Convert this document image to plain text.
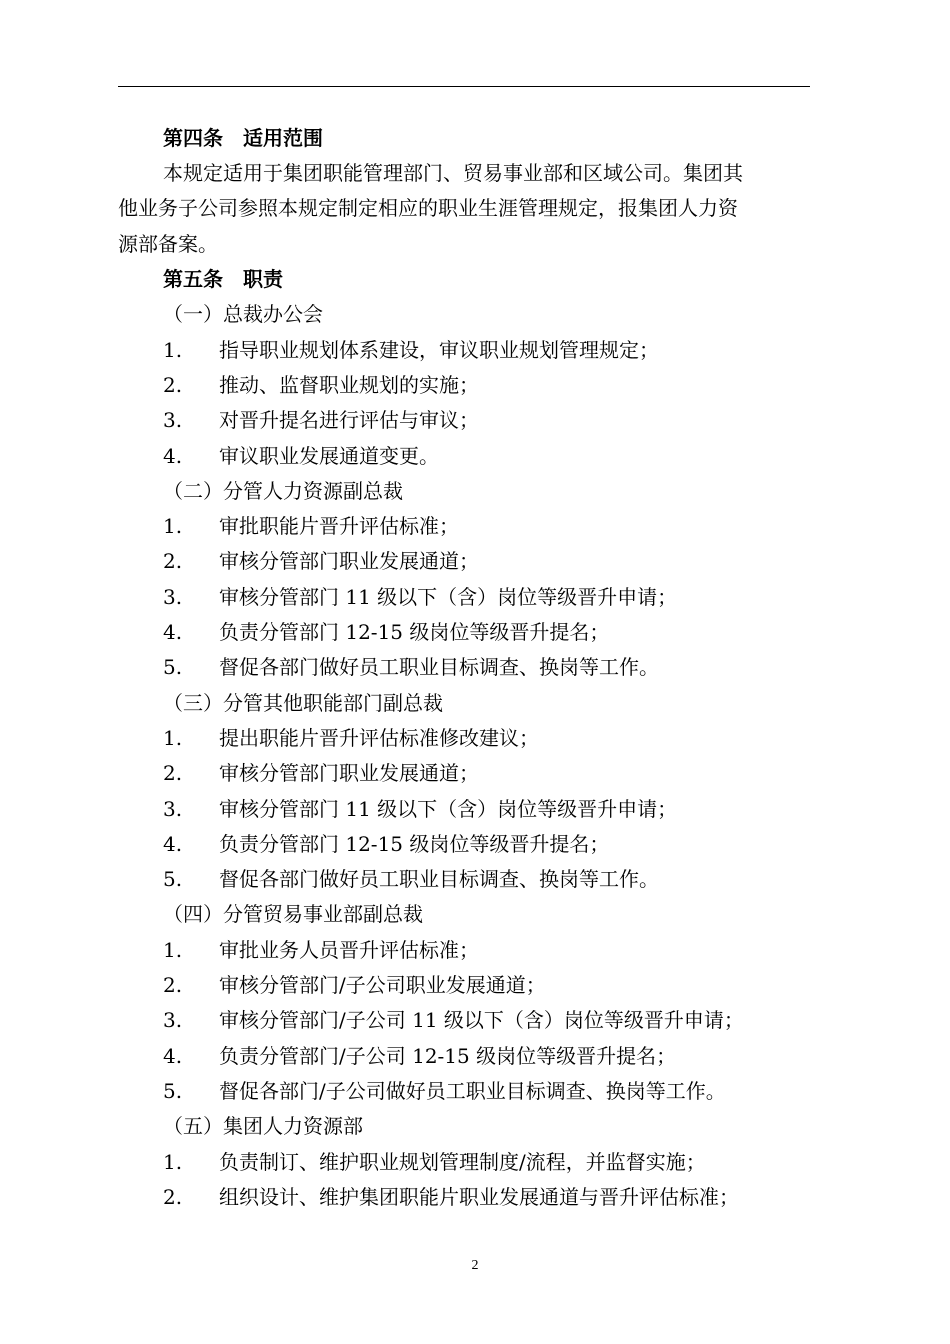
第四条　适用范围
本规定适用于集团职能管理部门、贸易事业部和区域公司。集团其
他业务子公司参照本规定制定相应的职业生涯管理规定，报集团人力资
源部备案。
第五条　职责
（一）总裁办公会
1. 指导职业规划体系建设，审议职业规划管理规定；
2. 推动、监督职业规划的实施；
3. 对晋升提名进行评估与审议；
4. 审议职业发展通道变更。
（二）分管人力资源副总裁
1. 审批职能片晋升评估标准；
2. 审核分管部门职业发展通道；
3. 审核分管部门 11 级以下（含）岗位等级晋升申请；
4. 负责分管部门 12-15 级岗位等级晋升提名；
5. 督促各部门做好员工职业目标调查、换岗等工作。
（三）分管其他职能部门副总裁
1. 提出职能片晋升评估标准修改建议；
2. 审核分管部门职业发展通道；
3. 审核分管部门 11 级以下（含）岗位等级晋升申请；
4. 负责分管部门 12-15 级岗位等级晋升提名；
5. 督促各部门做好员工职业目标调查、换岗等工作。
（四）分管贸易事业部副总裁
1. 审批业务人员晋升评估标准；
2. 审核分管部门/子公司职业发展通道；
3. 审核分管部门/子公司 11 级以下（含）岗位等级晋升申请；
4. 负责分管部门/子公司 12-15 级岗位等级晋升提名；
5. 督促各部门/子公司做好员工职业目标调查、换岗等工作。
（五）集团人力资源部
1. 负责制订、维护职业规划管理制度/流程，并监督实施；
2. 组织设计、维护集团职能片职业发展通道与晋升评估标准；
2
